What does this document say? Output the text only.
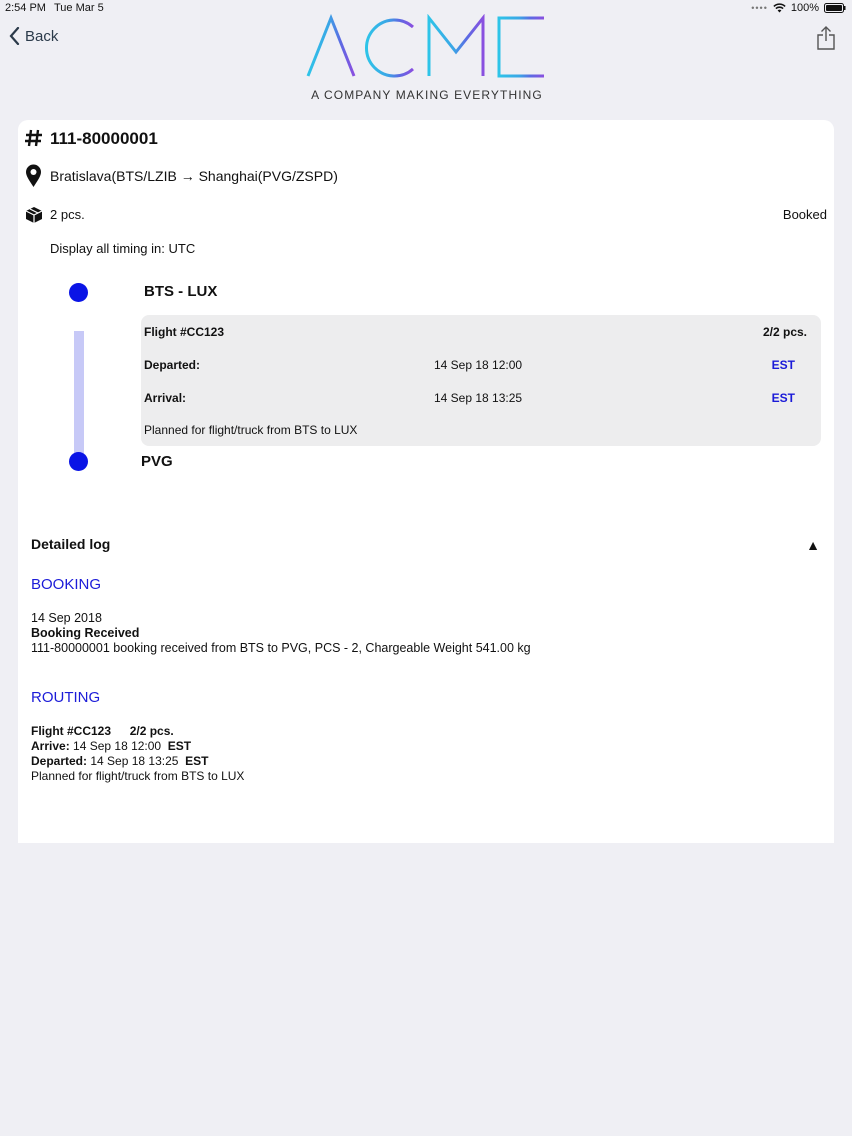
2:54 PM Tue Mar 5	•••• 100%
Back
A COMPANY MAKING EVERYTHING
111-80000001
Bratislava(BTS/LZIB → Shanghai(PVG/ZSPD)
2 pcs.	Booked
Display all timing in: UTC
BTS - LUX
Flight #CC123	2/2 pcs.
Departed:	14 Sep 18 12:00	EST
Arrival:	14 Sep 18 13:25	EST
Planned for flight/truck from BTS to LUX
PVG
Detailed log	▲
BOOKING
14 Sep 2018
Booking Received
111-80000001 booking received from BTS to PVG, PCS - 2, Chargeable Weight 541.00 kg
ROUTING
Flight #CC123 2/2 pcs.
Arrive: 14 Sep 18 12:00 EST
Departed: 14 Sep 18 13:25 EST
Planned for flight/truck from BTS to LUX
